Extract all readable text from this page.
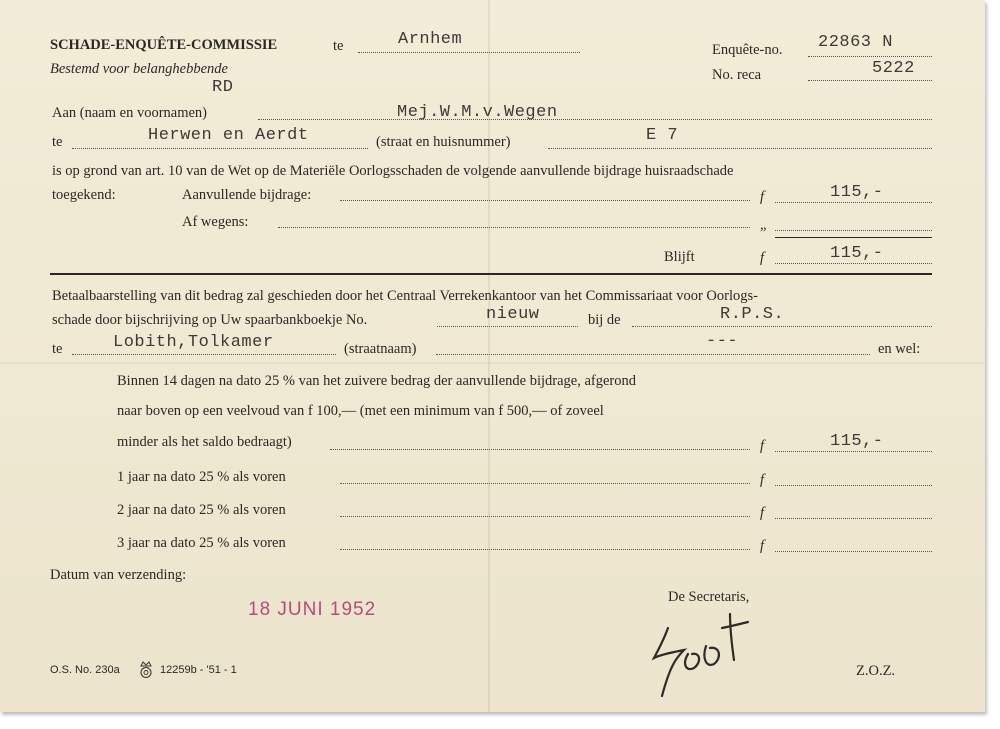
SCHADE-ENQUÊTE-COMMISSIE	te	Arnhem
Bestemd voor belanghebbende
RD
Enquête-no. 22863 N
No. reca	5222
Aan (naam en voornamen)	Mej.W.M.v.Wegen
te	Herwen en Aerdt	(straat en huisnummer)	E 7
is op grond van art. 10 van de Wet op de Materiële Oorlogsschaden de volgende aanvullende bijdrage huisraadschade
toegekend:	Aanvullende bijdrage:	f	115,-
Af wegens:	„
Blijft	f	115,-
Betaalbaarstelling van dit bedrag zal geschieden door het Centraal Verrekenkantoor van het Commissariaat voor Oorlogs-
schade door bijschrijving op Uw spaarbankboekje No.	nieuw	bij de	R.P.S.
te	Lobith,Tolkamer	(straatnaam)	---	en wel:
Binnen 14 dagen na dato 25 % van het zuivere bedrag der aanvullende bijdrage, afgerond
naar boven op een veelvoud van f 100,— (met een minimum van f 500,— of zoveel
minder als het saldo bedraagt)	f	115,-
1 jaar na dato 25 % als voren	f
2 jaar na dato 25 % als voren	f
3 jaar na dato 25 % als voren	f
Datum van verzending:
18 JUNI 1952
De Secretaris,
O.S. No. 230a	12259b - '51 - 1	Z.O.Z.
